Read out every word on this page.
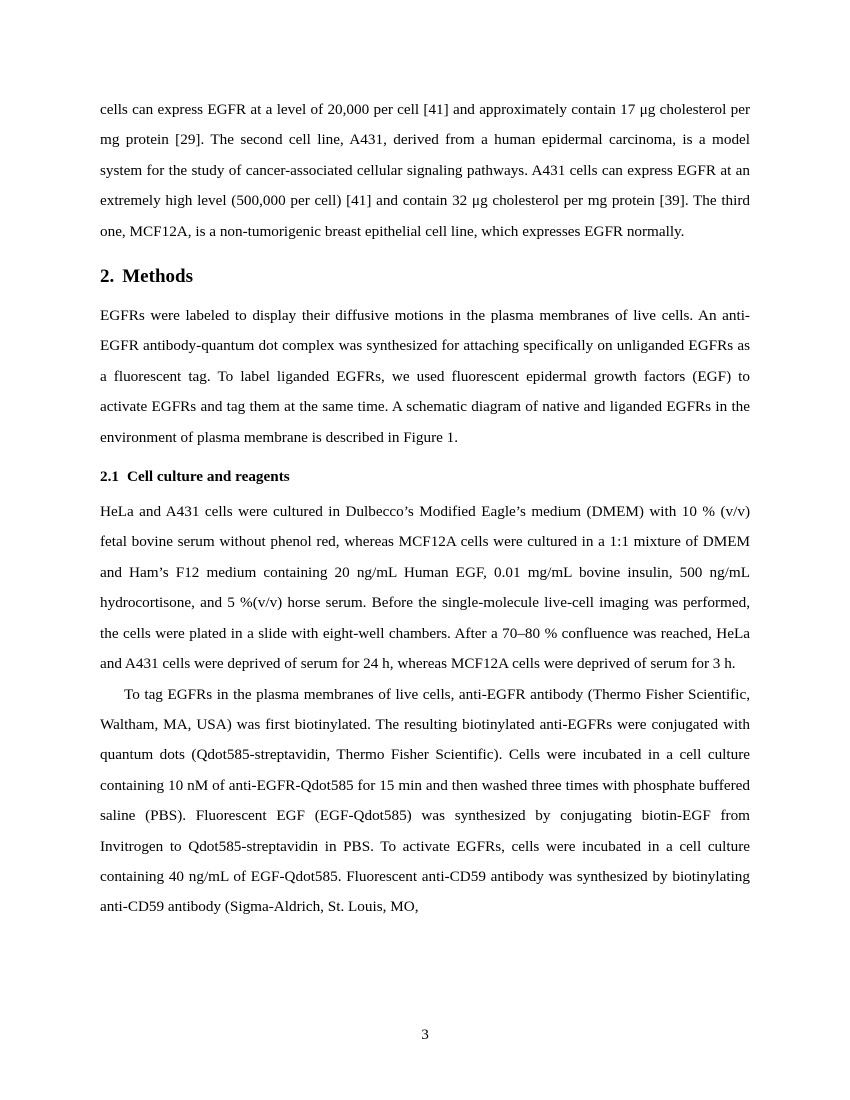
cells can express EGFR at a level of 20,000 per cell [41] and approximately contain 17 μg cholesterol per mg protein [29]. The second cell line, A431, derived from a human epidermal carcinoma, is a model system for the study of cancer-associated cellular signaling pathways. A431 cells can express EGFR at an extremely high level (500,000 per cell) [41] and contain 32 μg cholesterol per mg protein [39]. The third one, MCF12A, is a non-tumorigenic breast epithelial cell line, which expresses EGFR normally.

2. Methods

EGFRs were labeled to display their diffusive motions in the plasma membranes of live cells. An anti-EGFR antibody-quantum dot complex was synthesized for attaching specifically on unliganded EGFRs as a fluorescent tag. To label liganded EGFRs, we used fluorescent epidermal growth factors (EGF) to activate EGFRs and tag them at the same time. A schematic diagram of native and liganded EGFRs in the environment of plasma membrane is described in Figure 1.

2.1 Cell culture and reagents

HeLa and A431 cells were cultured in Dulbecco’s Modified Eagle’s medium (DMEM) with 10 % (v/v) fetal bovine serum without phenol red, whereas MCF12A cells were cultured in a 1:1 mixture of DMEM and Ham’s F12 medium containing 20 ng/mL Human EGF, 0.01 mg/mL bovine insulin, 500 ng/mL hydrocortisone, and 5 %(v/v) horse serum. Before the single-molecule live-cell imaging was performed, the cells were plated in a slide with eight-well chambers. After a 70–80 % confluence was reached, HeLa and A431 cells were deprived of serum for 24 h, whereas MCF12A cells were deprived of serum for 3 h.

To tag EGFRs in the plasma membranes of live cells, anti-EGFR antibody (Thermo Fisher Scientific, Waltham, MA, USA) was first biotinylated. The resulting biotinylated anti-EGFRs were conjugated with quantum dots (Qdot585-streptavidin, Thermo Fisher Scientific). Cells were incubated in a cell culture containing 10 nM of anti-EGFR-Qdot585 for 15 min and then washed three times with phosphate buffered saline (PBS). Fluorescent EGF (EGF-Qdot585) was synthesized by conjugating biotin-EGF from Invitrogen to Qdot585-streptavidin in PBS. To activate EGFRs, cells were incubated in a cell culture containing 40 ng/mL of EGF-Qdot585. Fluorescent anti-CD59 antibody was synthesized by biotinylating anti-CD59 antibody (Sigma-Aldrich, St. Louis, MO,

3
